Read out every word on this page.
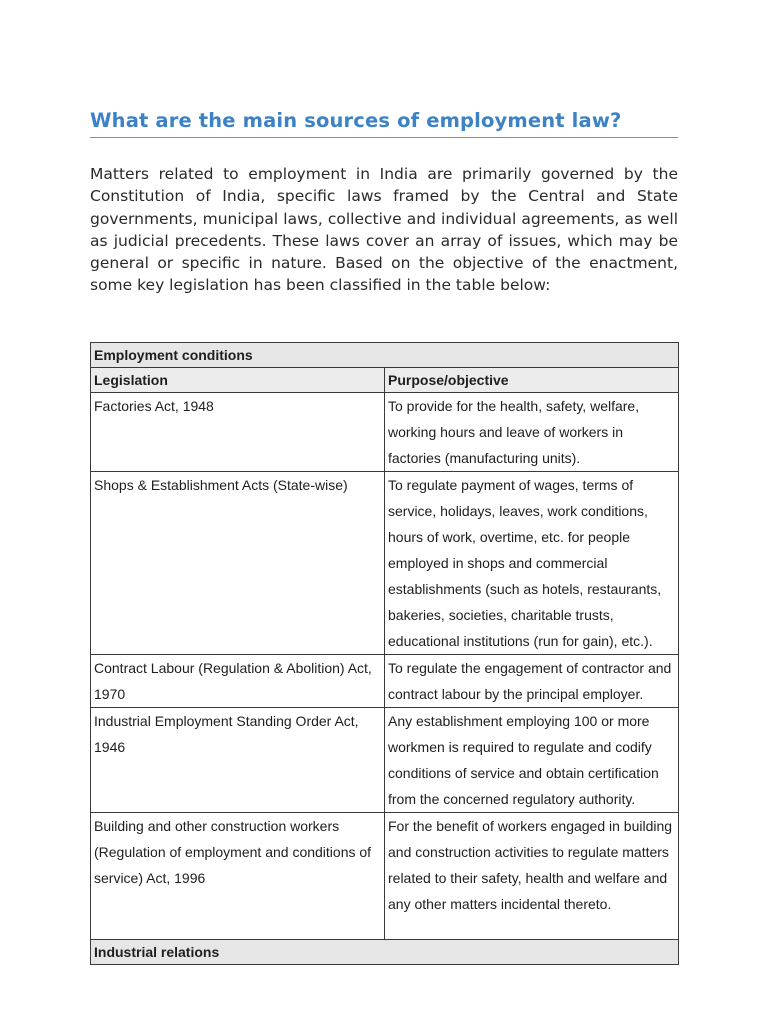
What are the main sources of employment law?

Matters related to employment in India are primarily governed by the Constitution of India, specific laws framed by the Central and State governments, municipal laws, collective and individual agreements, as well as judicial precedents. These laws cover an array of issues, which may be general or specific in nature. Based on the objective of the enactment, some key legislation has been classified in the table below:

Employment conditions	
Legislation	Purpose/objective
Factories Act, 1948	To provide for the health, safety, welfare, working hours and leave of workers in factories (manufacturing units).
Shops & Establishment Acts (State-wise)	To regulate payment of wages, terms of service, holidays, leaves, work conditions, hours of work, overtime, etc. for people employed in shops and commercial establishments (such as hotels, restaurants, bakeries, societies, charitable trusts, educational institutions (run for gain), etc.).
Contract Labour (Regulation & Abolition) Act, 1970	To regulate the engagement of contractor and contract labour by the principal employer.
Industrial Employment Standing Order Act, 1946	Any establishment employing 100 or more workmen is required to regulate and codify conditions of service and obtain certification from the concerned regulatory authority.
Building and other construction workers (Regulation of employment and conditions of service) Act, 1996	For the benefit of workers engaged in building and construction activities to regulate matters related to their safety, health and welfare and any other matters incidental thereto.
Industrial relations	
